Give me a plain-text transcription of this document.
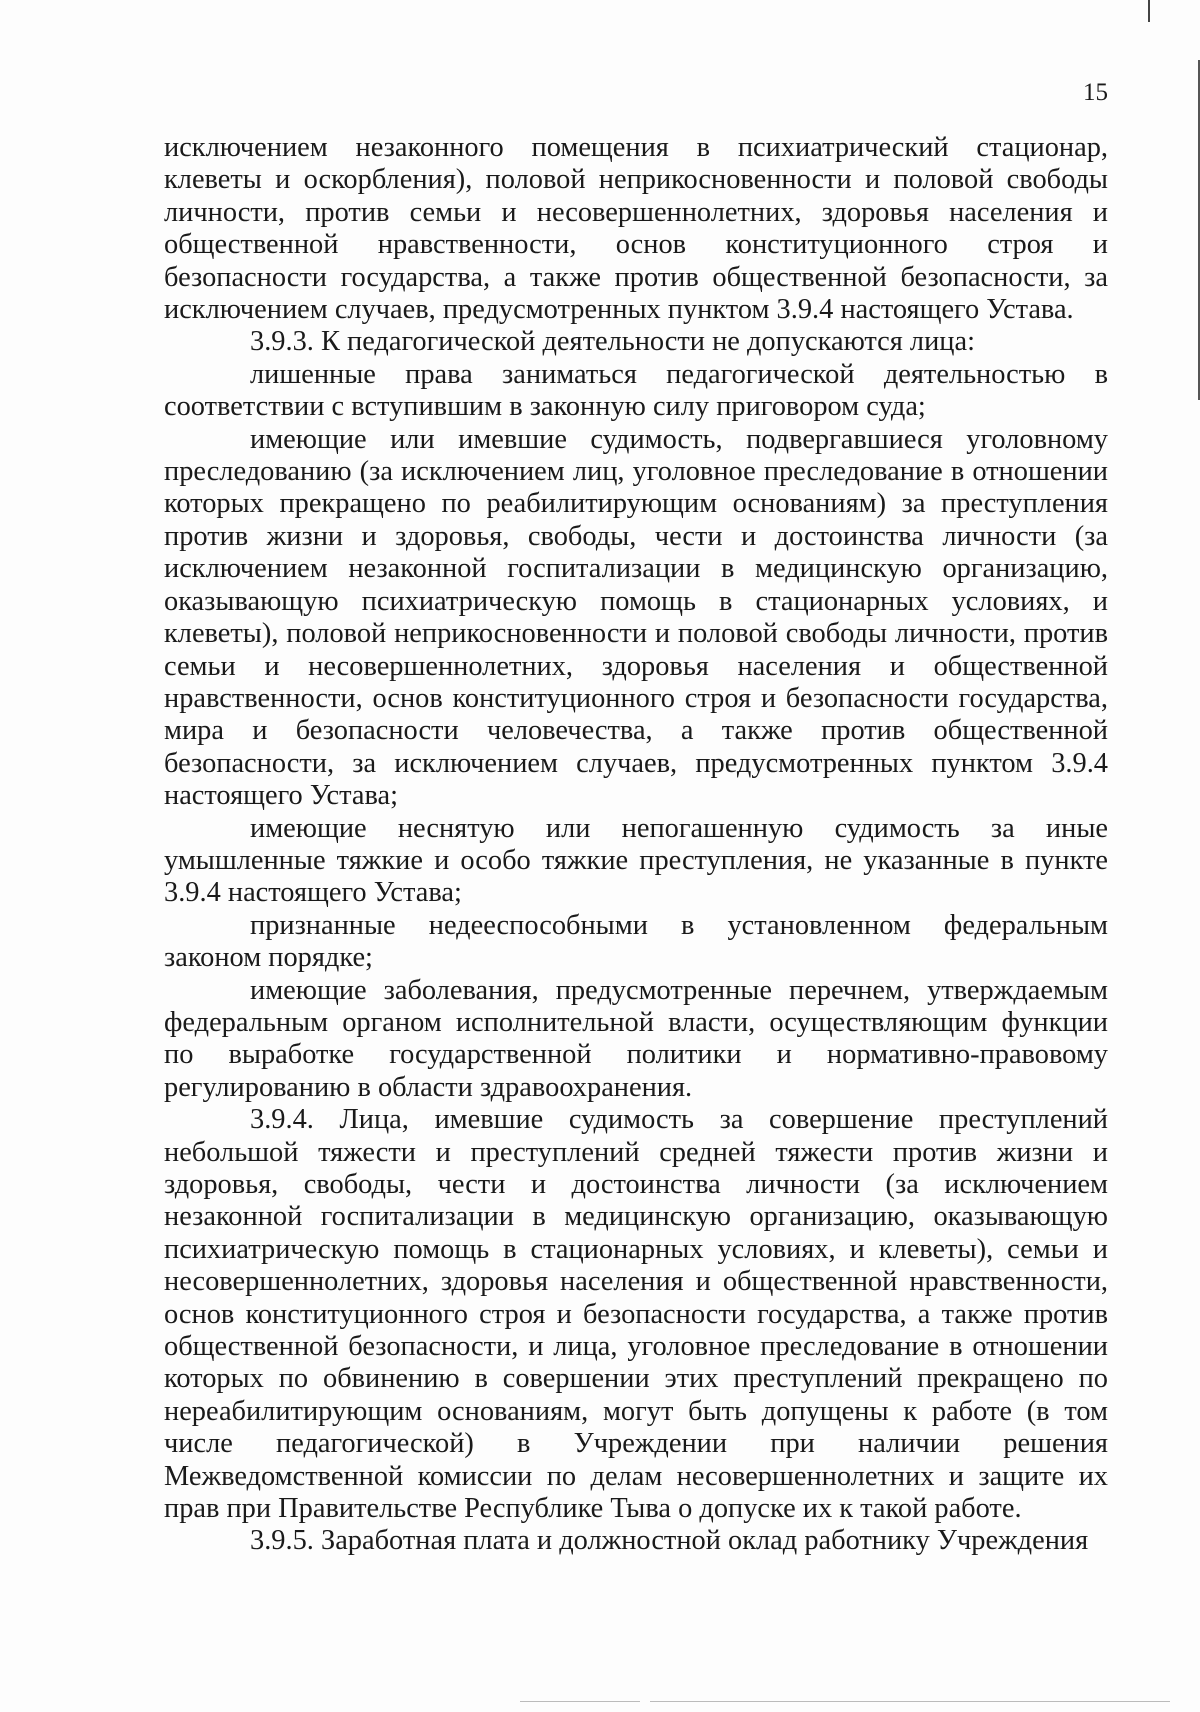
15

исключением незаконного помещения в психиатрический стационар, клеветы и оскорбления), половой неприкосновенности и половой свободы личности, против семьи и несовершеннолетних, здоровья населения и общественной нравственности, основ конституционного строя и безопасности государства, а также против общественной безопасности, за исключением случаев, предусмотренных пунктом 3.9.4 настоящего Устава.

3.9.3. К педагогической деятельности не допускаются лица:

лишенные права заниматься педагогической деятельностью в соответствии с вступившим в законную силу приговором суда;

имеющие или имевшие судимость, подвергавшиеся уголовному преследованию (за исключением лиц, уголовное преследование в отношении которых прекращено по реабилитирующим основаниям) за преступления против жизни и здоровья, свободы, чести и достоинства личности (за исключением незаконной госпитализации в медицинскую организацию, оказывающую психиатрическую помощь в стационарных условиях, и клеветы), половой неприкосновенности и половой свободы личности, против семьи и несовершеннолетних, здоровья населения и общественной нравственности, основ конституционного строя и безопасности государства, мира и безопасности человечества, а также против общественной безопасности, за исключением случаев, предусмотренных пунктом 3.9.4 настоящего Устава;

имеющие неснятую или непогашенную судимость за иные умышленные тяжкие и особо тяжкие преступления, не указанные в пункте 3.9.4 настоящего Устава;

признанные недееспособными в установленном федеральным законом порядке;

имеющие заболевания, предусмотренные перечнем, утверждаемым федеральным органом исполнительной власти, осуществляющим функции по выработке государственной политики и нормативно-правовому регулированию в области здравоохранения.

3.9.4. Лица, имевшие судимость за совершение преступлений небольшой тяжести и преступлений средней тяжести против жизни и здоровья, свободы, чести и достоинства личности (за исключением незаконной госпитализации в медицинскую организацию, оказывающую психиатрическую помощь в стационарных условиях, и клеветы), семьи и несовершеннолетних, здоровья населения и общественной нравственности, основ конституционного строя и безопасности государства, а также против общественной безопасности, и лица, уголовное преследование в отношении которых по обвинению в совершении этих преступлений прекращено по нереабилитирующим основаниям, могут быть допущены к работе (в том числе педагогической) в Учреждении при наличии решения Межведомственной комиссии по делам несовершеннолетних и защите их прав при Правительстве Республике Тыва о допуске их к такой работе.

3.9.5. Заработная плата и должностной оклад работнику Учреждения
